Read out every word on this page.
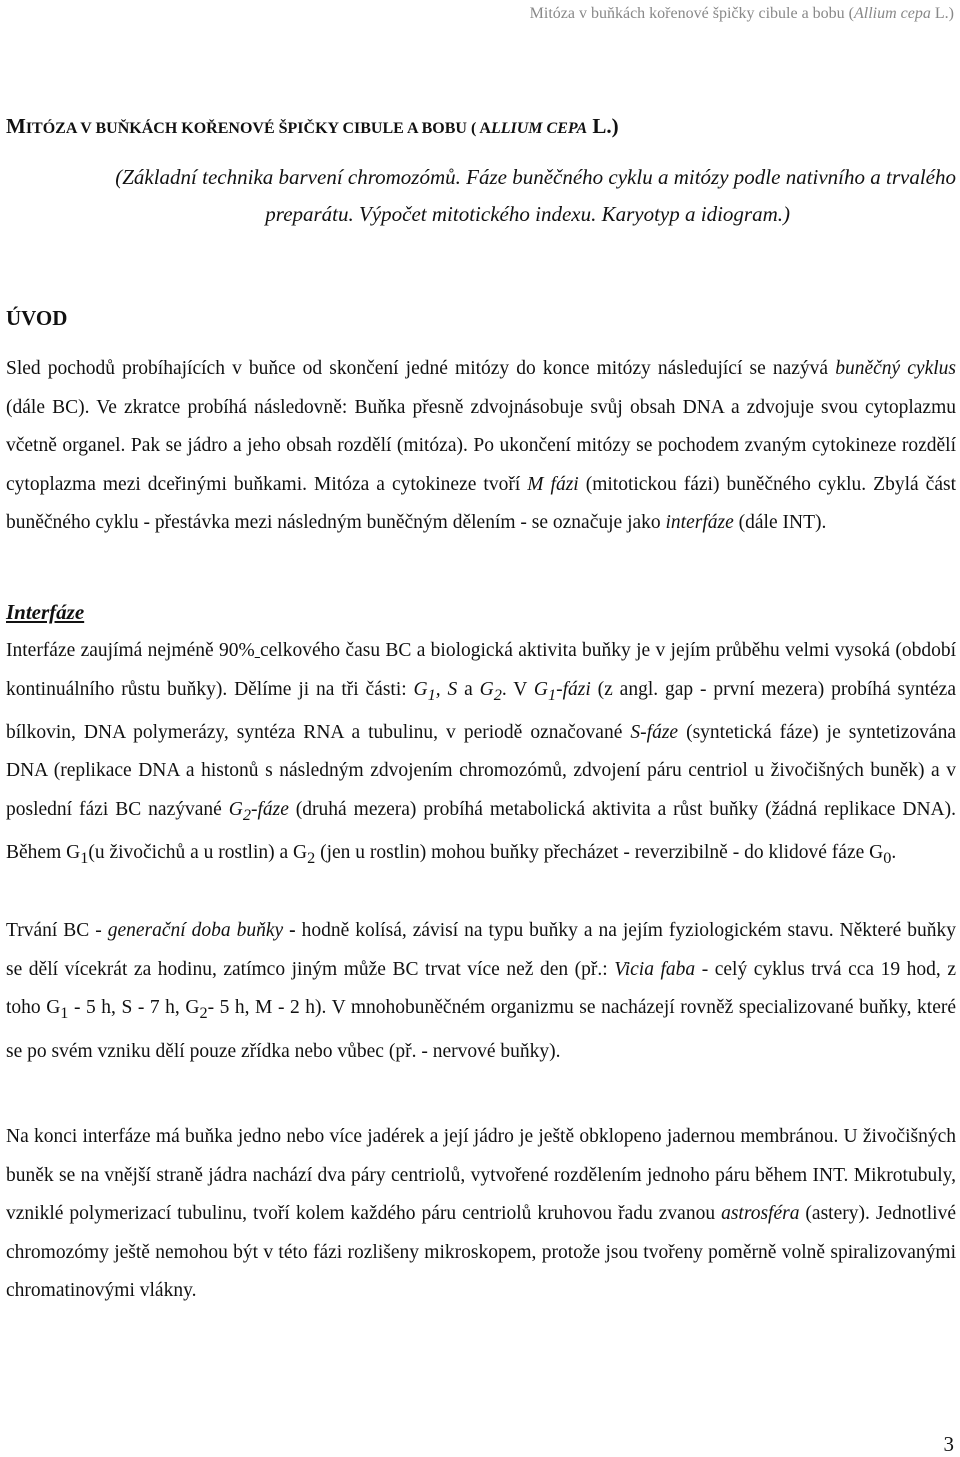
Mitóza v buňkách kořenové špičky cibule a bobu (Allium cepa L.)
MITÓZA V BUŇKÁCH KOŘENOVÉ ŠPIČKY CIBULE A BOBU ( ALLIUM CEPA L.)
(Základní technika barvení chromozómů. Fáze buněčného cyklu a mitózy podle nativního a trvalého
preparátu. Výpočet mitotického indexu. Karyotyp a idiogram.)
ÚVOD
Sled pochodů probíhajících v buňce od skončení jedné mitózy do konce mitózy následující se nazývá buněčný cyklus (dále BC). Ve zkratce probíhá následovně: Buňka přesně zdvojnásobuje svůj obsah DNA a zdvojuje svou cytoplazmu včetně organel. Pak se jádro a jeho obsah rozdělí (mitóza). Po ukončení mitózy se pochodem zvaným cytokineze rozdělí cytoplazma mezi dceřinými buňkami. Mitóza a cytokineze tvoří M fázi (mitotickou fázi) buněčného cyklu. Zbylá část buněčného cyklu - přestávka mezi následným buněčným dělením - se označuje jako interfáze (dále INT).
Interfáze
Interfáze zaujímá nejméně 90% celkového času BC a biologická aktivita buňky je v jejím průběhu velmi vysoká (období kontinuálního růstu buňky). Dělíme ji na tři části: $G_1$, S a $G_2$. V $G_1$-fázi (z angl. gap - první mezera) probíhá syntéza bílkovin, DNA polymerázy, syntéza RNA a tubulinu, v periodě označované S-fáze (syntetická fáze) je syntetizována DNA (replikace DNA a histonů s následným zdvojením chromozómů, zdvojení páru centriol u živočišných buněk) a v poslední fázi BC nazývané $G_2$-fáze (druhá mezera) probíhá metabolická aktivita a růst buňky (žádná replikace DNA). Během $G_1(u$ živočichů a u rostlin) a $G_2$ (jen u rostlin) mohou buňky přecházet - reverzibilně - do klidové fáze $G_0$.
Trvání BC - generační doba buňky - hodně kolísá, závisí na typu buňky a na jejím fyziologickém stavu. Některé buňky se dělí vícekrát za hodinu, zatímco jiným může BC trvat více než den (př.: Vicia faba - celý cyklus trvá cca 19 hod, z toho $G_1 - 5$ h, S - 7 h, $G_2-$ 5 h, M - 2 h). V mnohobuněčném organizmu se nacházejí rovněž specializované buňky, které se po svém vzniku dělí pouze zřídka nebo vůbec (př. - nervové buňky).
Na konci interfáze má buňka jedno nebo více jadérek a její jádro je ještě obklopeno jadernou membránou. U živočišných buněk se na vnější straně jádra nachází dva páry centriolů, vytvořené rozdělením jednoho páru během INT. Mikrotubuly, vzniklé polymerizací tubulinu, tvoří kolem každého páru centriolů kruhovou řadu zvanou astrosféra (astery). Jednotlivé chromozómy ještě nemohou být v této fázi rozlišeny mikroskopem, protože jsou tvořeny poměrně volně spiralizovanými chromatinovými vlákny.
3
